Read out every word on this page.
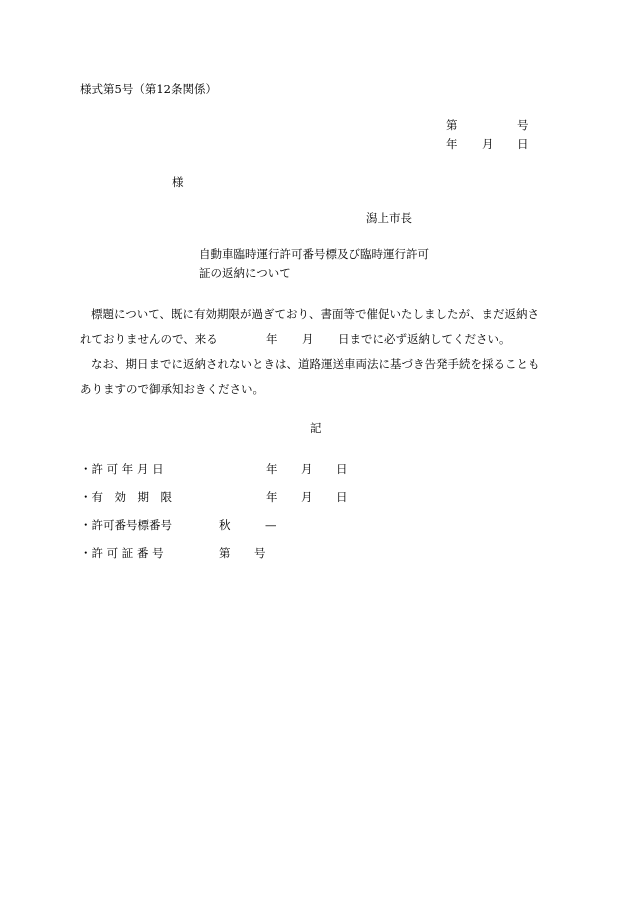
様式第5号（第12条関係）
第	号
年 月 日
様
潟上市長
自動車臨時運行許可番号標及び臨時運行許可
証の返納について

標題について、既に有効期限が過ぎており、書面等で催促いたしましたが、まだ返納さ

れておりませんので、来る	年 月 日までに必ず返納してください。

なお、期日までに返納されないときは、道路運送車両法に基づき告発手続を採ることも

ありますので御承知おきください。

記
・許 可 年 月 日	年 月 日
・有　効　期　限	年 月 日
・許可番号標番号	秋	—
・許 可 証 番 号	第 号
